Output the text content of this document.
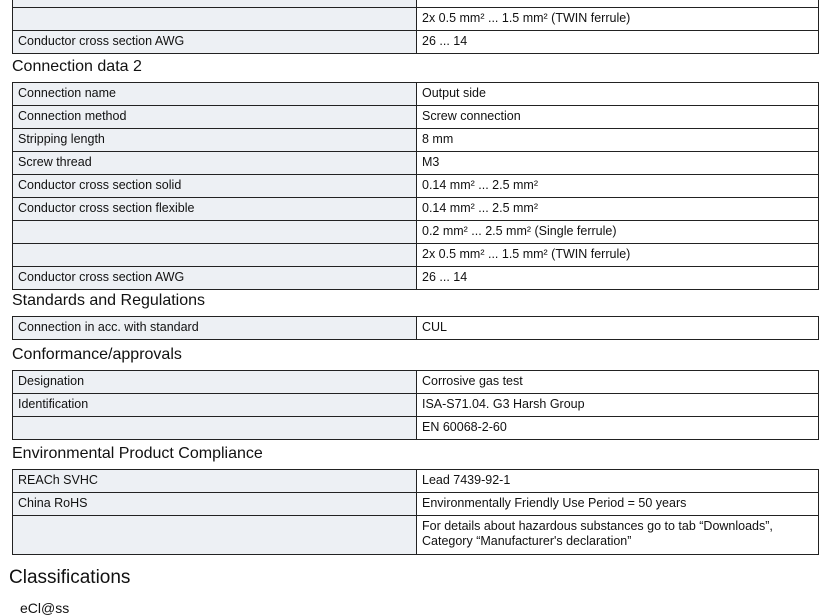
	2x 0.5 mm² ... 1.5 mm² (TWIN ferrule)
Conductor cross section AWG	26 ... 14
Connection data 2
Connection name	Output side
Connection method	Screw connection
Stripping length	8 mm
Screw thread	M3
Conductor cross section solid	0.14 mm² ... 2.5 mm²
Conductor cross section flexible	0.14 mm² ... 2.5 mm²
	0.2 mm² ... 2.5 mm² (Single ferrule)
	2x 0.5 mm² ... 1.5 mm² (TWIN ferrule)
Conductor cross section AWG	26 ... 14
Standards and Regulations
Connection in acc. with standard	CUL
Conformance/approvals
Designation	Corrosive gas test
Identification	ISA-S71.04. G3 Harsh Group
	EN 60068-2-60
Environmental Product Compliance
REACh SVHC	Lead 7439-92-1
China RoHS	Environmentally Friendly Use Period = 50 years
	For details about hazardous substances go to tab “Downloads”, Category “Manufacturer's declaration”
Classifications
eCl@ss
